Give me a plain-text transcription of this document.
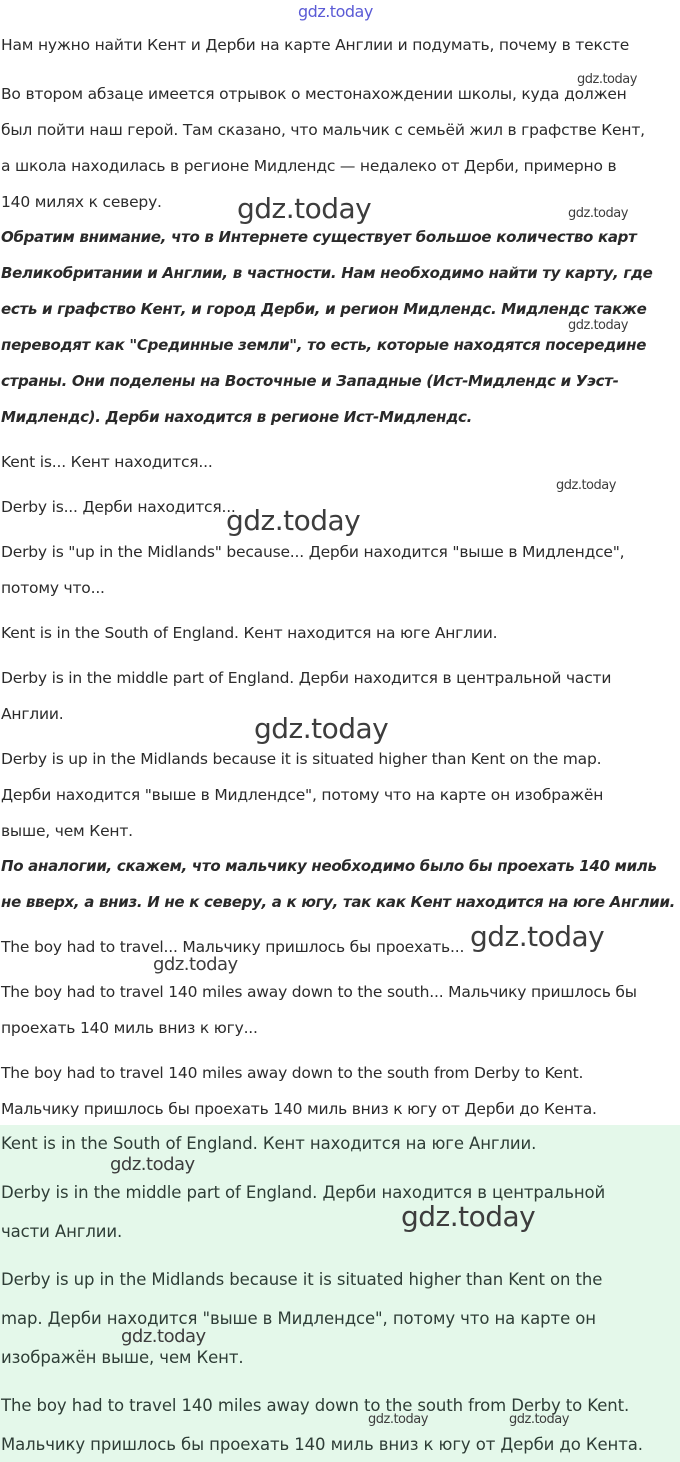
gdz.today
Нам нужно найти Кент и Дерби на карте Англии и подумать, почему в тексте
Во втором абзаце имеется отрывок о местонахождении школы, куда должен
был пойти наш герой. Там сказано, что мальчик с семьёй жил в графстве Кент,
а школа находилась в регионе Мидлендс — недалеко от Дерби, примерно в
140 милях к северу.
Обратим внимание, что в Интернете существует большое количество карт
Великобритании и Англии, в частности. Нам необходимо найти ту карту, где
есть и графство Кент, и город Дерби, и регион Мидлендс. Мидлендс также
переводят как "Срединные земли", то есть, которые находятся посередине
страны. Они поделены на Восточные и Западные (Ист-Мидлендс и Уэст-
Мидлендс). Дерби находится в регионе Ист-Мидлендс.
Kent is... Кент находится...
Derby is... Дерби находится...
Derby is "up in the Midlands" because... Дерби находится "выше в Мидлендсе",
потому что...
Kent is in the South of England. Кент находится на юге Англии.
Derby is in the middle part of England. Дерби находится в центральной части
Англии.
Derby is up in the Midlands because it is situated higher than Kent on the map.
Дерби находится "выше в Мидлендсе", потому что на карте он изображён
выше, чем Кент.
По аналогии, скажем, что мальчику необходимо было бы проехать 140 миль
не вверх, а вниз. И не к северу, а к югу, так как Кент находится на юге Англии.
The boy had to travel... Мальчику пришлось бы проехать...
The boy had to travel 140 miles away down to the south... Мальчику пришлось бы
проехать 140 миль вниз к югу...
The boy had to travel 140 miles away down to the south from Derby to Kent.
Мальчику пришлось бы проехать 140 миль вниз к югу от Дерби до Кента.
Kent is in the South of England. Кент находится на юге Англии.
Derby is in the middle part of England. Дерби находится в центральной
части Англии.
Derby is up in the Midlands because it is situated higher than Kent on the
map. Дерби находится "выше в Мидлендсе", потому что на карте он
изображён выше, чем Кент.
The boy had to travel 140 miles away down to the south from Derby to Kent.
Мальчику пришлось бы проехать 140 миль вниз к югу от Дерби до Кента.
gdz.today
gdz.today	gdz.today
gdz.today
gdz.today
gdz.today
gdz.today
gdz.today
gdz.today
gdz.today
gdz.today
gdz.today
gdz.today	gdz.today
